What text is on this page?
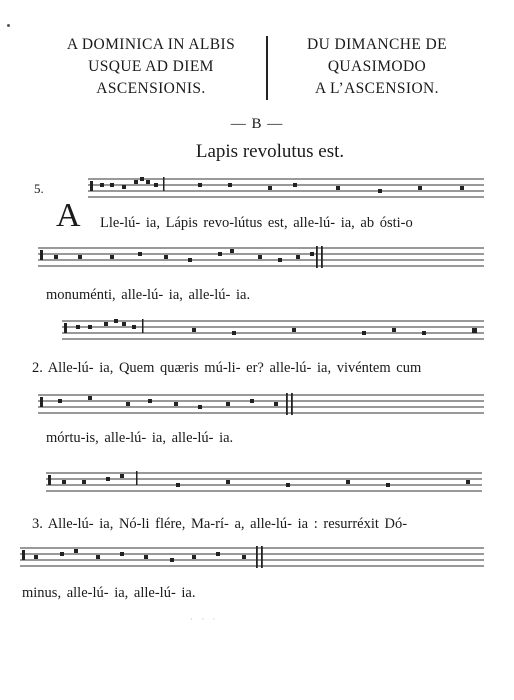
A DOMINICA IN ALBIS
USQUE AD DIEM
ASCENSIONIS.
DU DIMANCHE DE
QUASIMODO
A L’ASCENSION.
— B —
Lapis revolutus est.
5.
A Lle-lú- ia, Lápis revo-lútus est, alle-lú- ia, ab ósti-o
monuménti, alle-lú- ia, alle-lú- ia.
2. Alle-lú- ia, Quem quæris mú-li- er? alle-lú- ia, vivéntem cum
mórtu-is, alle-lú- ia, alle-lú- ia.
3. Alle-lú- ia, Nó-li flére, Ma-rí- a, alle-lú- ia : resurréxit Dó-
minus, alle-lú- ia, alle-lú- ia.
· · ·
